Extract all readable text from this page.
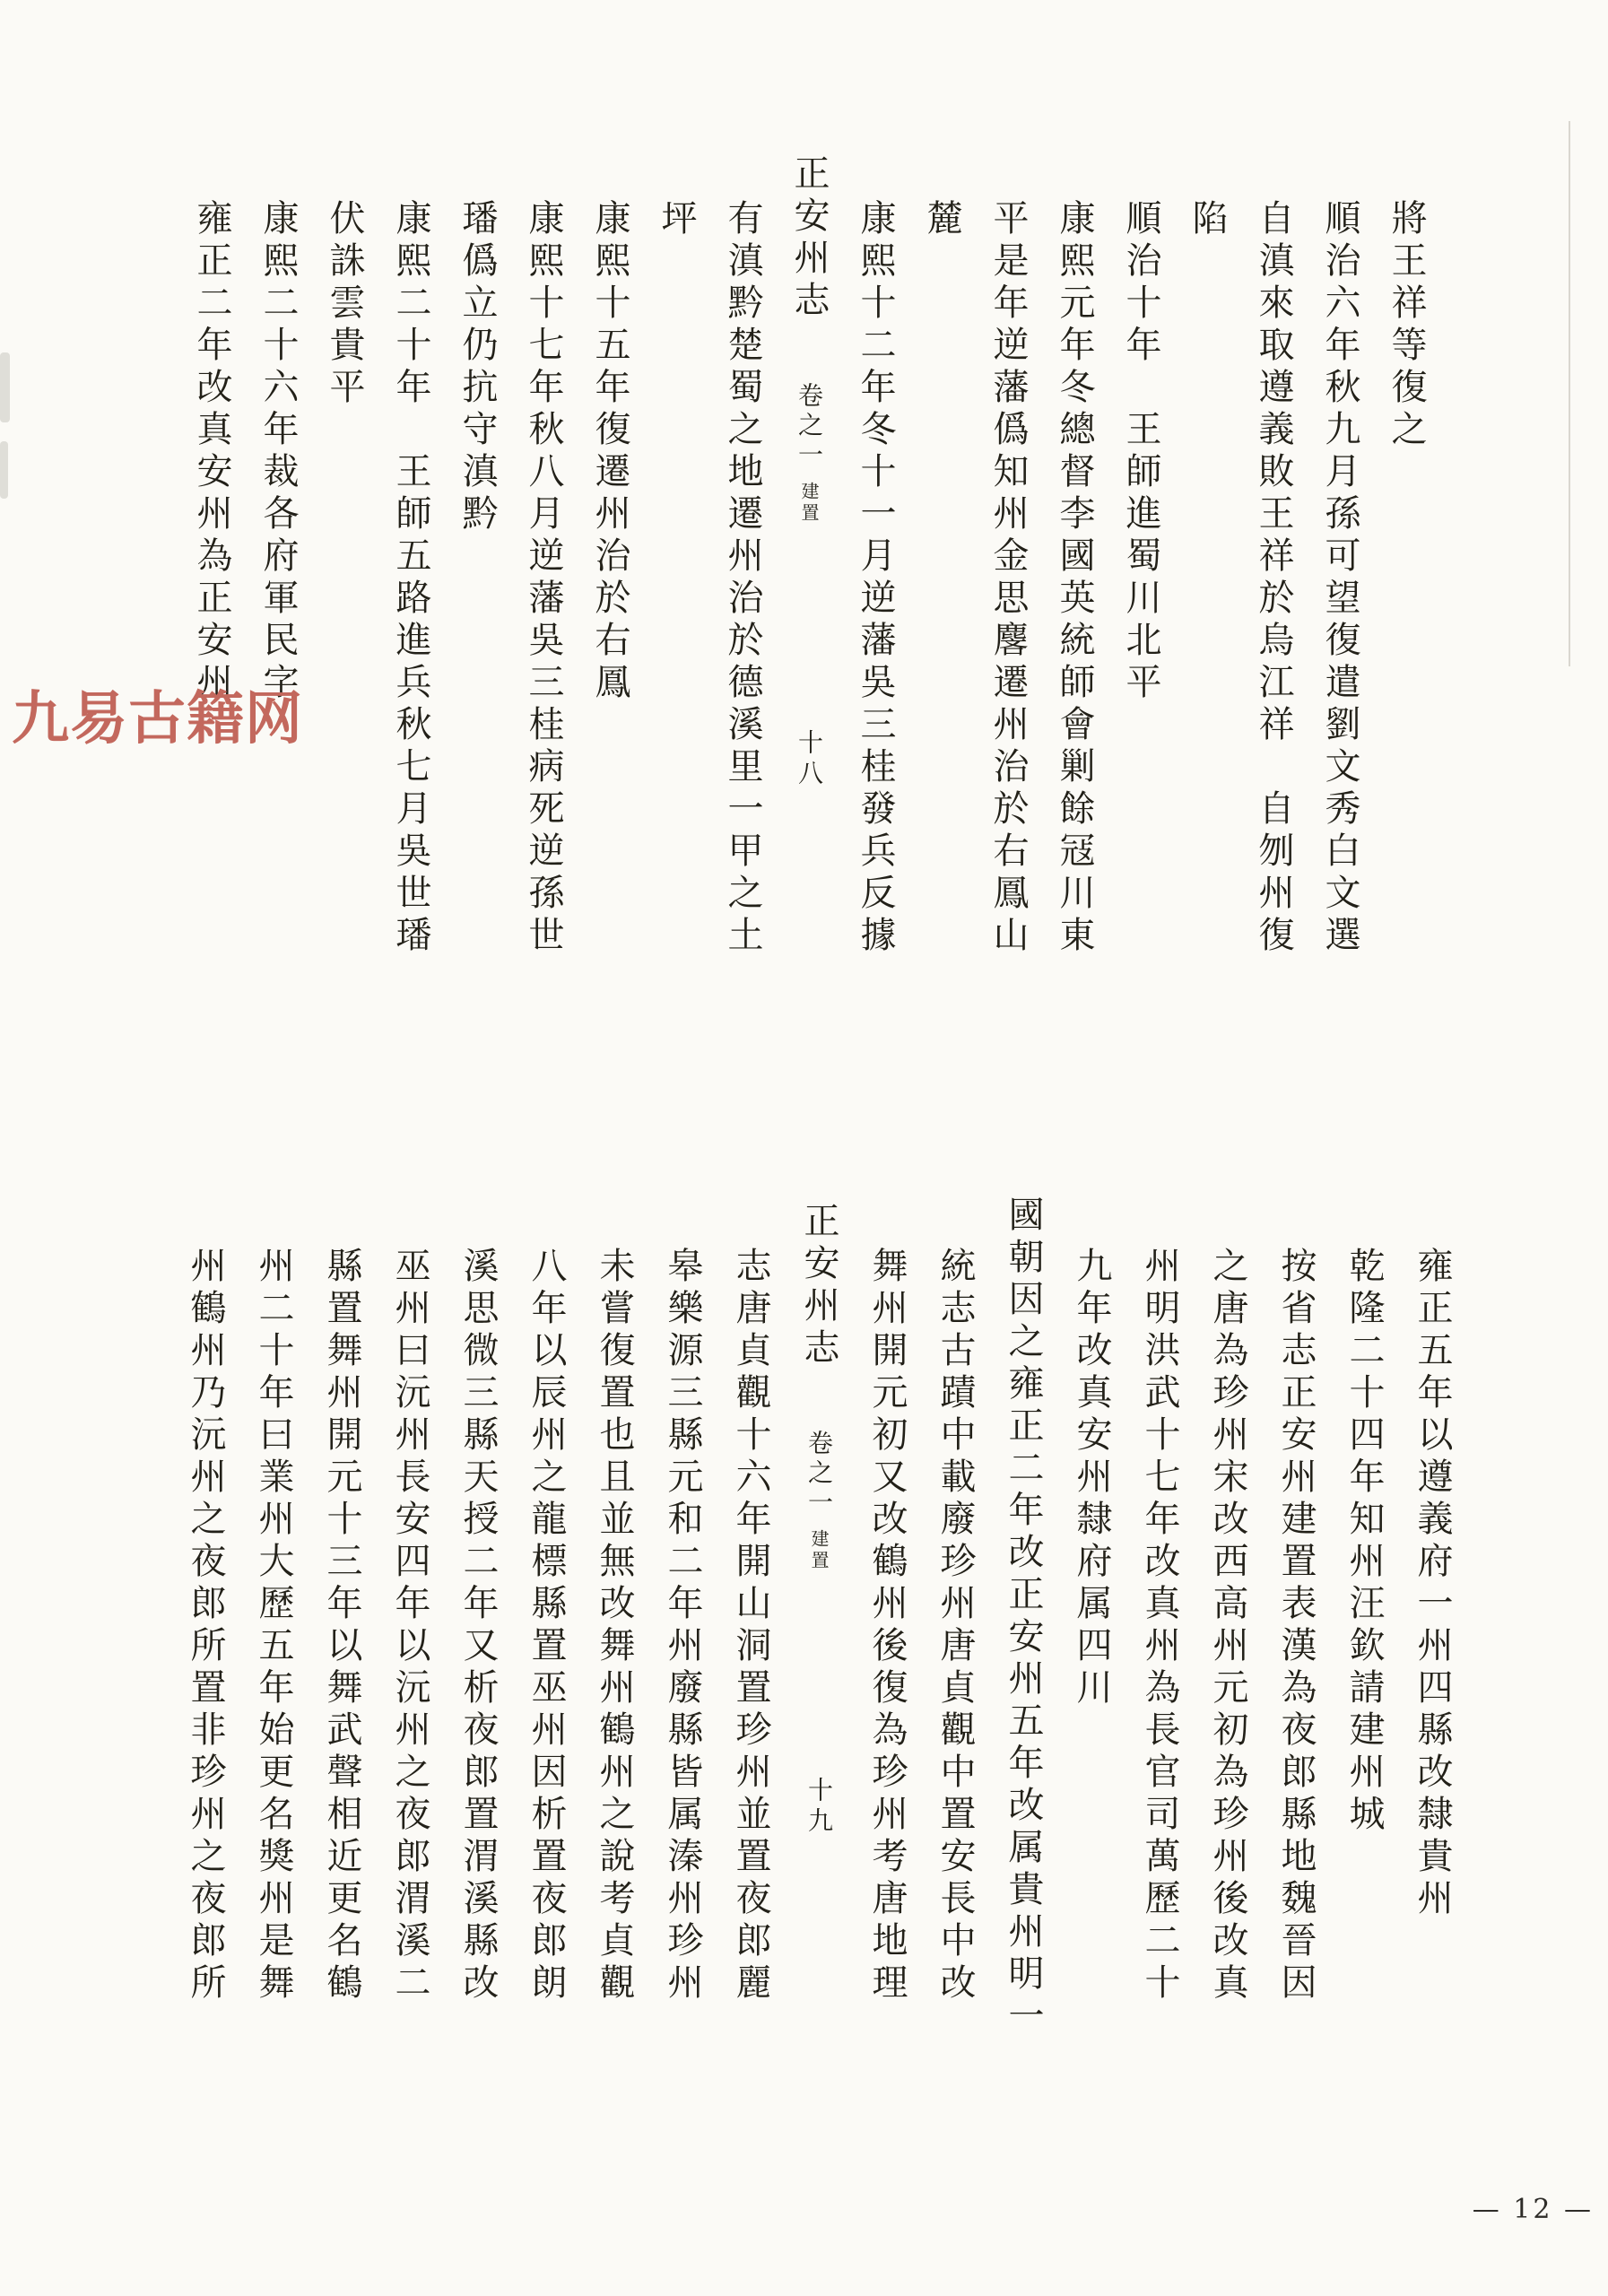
將王祥等復之
順治六年秋九月孫可望復遣劉文秀白文選
自滇來取遵義敗王祥於烏江祥　自刎州復
陷
順治十年　王師進蜀川北平
康熙元年冬總督李國英統師會剿餘冦川東
平是年逆藩僞知州金思麐遷州治於右鳳山
麓
康熙十二年冬十一月逆藩吳三桂發兵反據
正安州志卷之一建置十八
有滇黔楚蜀之地遷州治於德溪里一甲之土
坪
康熙十五年復遷州治於右鳳
康熙十七年秋八月逆藩吳三桂病死逆孫世
璠僞立仍抗守滇黔
康熙二十年　王師五路進兵秋七月吳世璠
伏誅雲貴平
康熙二十六年裁各府軍民字
雍正二年改真安州為正安州
雍正五年以遵義府一州四縣改隸貴州
乾隆二十四年知州汪欽請建州城
按省志正安州建置表漢為夜郎縣地魏晉因
之唐為珍州宋改西高州元初為珍州後改真
州明洪武十七年改真州為長官司萬歷二十
九年改真安州隸府属四川
國朝因之雍正二年改正安州五年改属貴州明一
統志古蹟中載廢珍州唐貞觀中置安長中改
舞州開元初又改鶴州後復為珍州考唐地理
正安州志卷之一建置十九
志唐貞觀十六年開山洞置珍州並置夜郎麗
皋樂源三縣元和二年州廢縣皆属溱州珍州
未嘗復置也且並無改舞州鶴州之說考貞觀
八年以辰州之龍標縣置巫州因析置夜郎朗
溪思微三縣天授二年又析夜郎置渭溪縣改
巫州曰沅州長安四年以沅州之夜郎渭溪二
縣置舞州開元十三年以舞武聲相近更名鶴
州二十年曰業州大歷五年始更名獎州是舞
州鶴州乃沅州之夜郎所置非珍州之夜郎所
九易古籍网
— 12 —
